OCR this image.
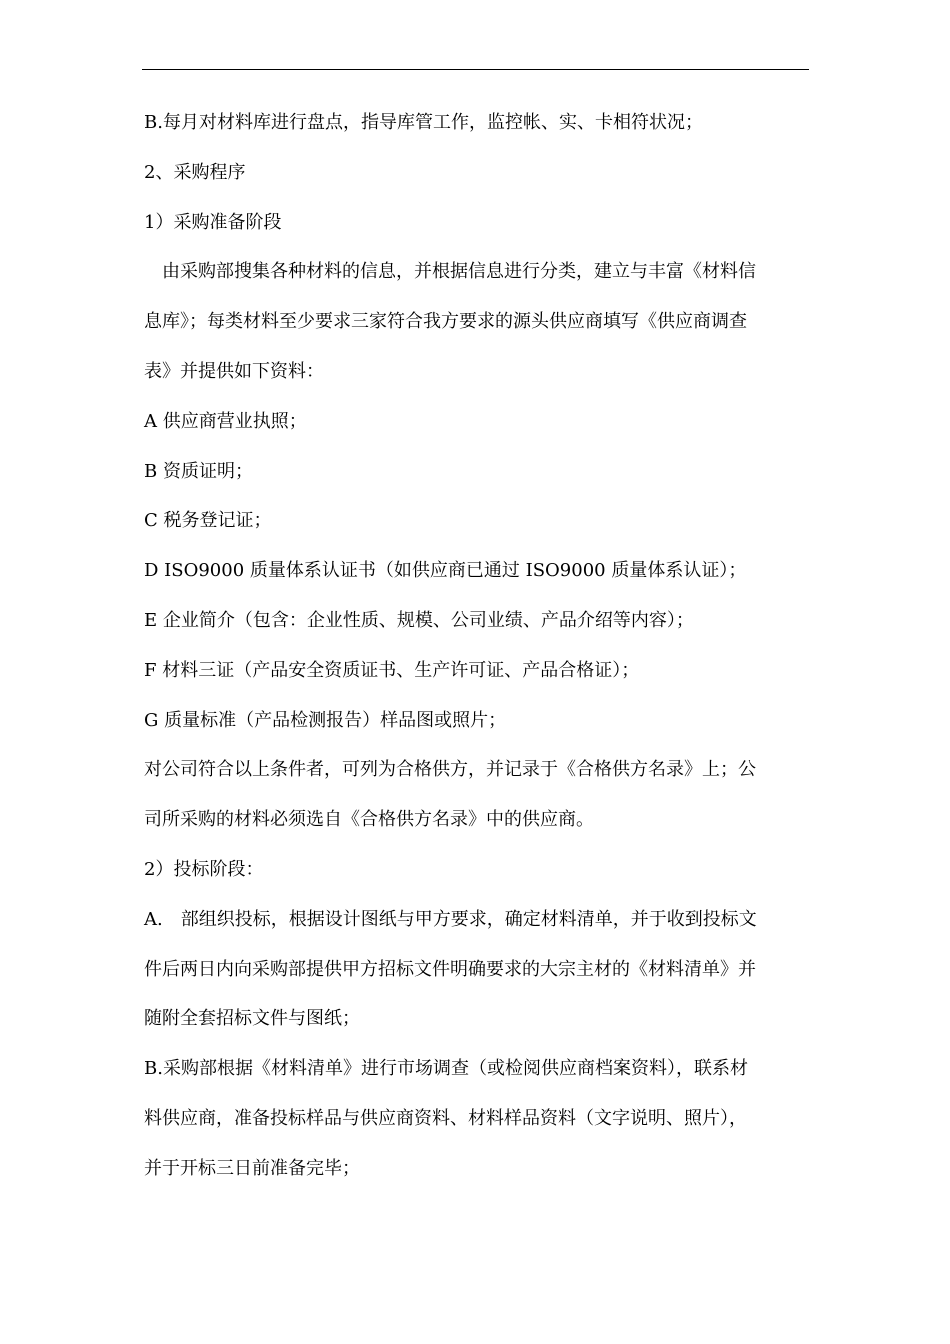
B.每月对材料库进行盘点，指导库管工作，监控帐、实、卡相符状况；
2、采购程序
1）采购准备阶段
由采购部搜集各种材料的信息，并根据信息进行分类，建立与丰富《材料信
息库》；每类材料至少要求三家符合我方要求的源头供应商填写《供应商调查
表》并提供如下资料：
A 供应商营业执照；
B 资质证明；
C 税务登记证；
D ISO9000 质量体系认证书（如供应商已通过 ISO9000 质量体系认证）；
E 企业简介（包含：企业性质、规模、公司业绩、产品介绍等内容）；
F 材料三证（产品安全资质证书、生产许可证、产品合格证）；
G 质量标准（产品检测报告）样品图或照片；
对公司符合以上条件者，可列为合格供方，并记录于《合格供方名录》上；公
司所采购的材料必须选自《合格供方名录》中的供应商。
2）投标阶段：
A.　部组织投标，根据设计图纸与甲方要求，确定材料清单，并于收到投标文
件后两日内向采购部提供甲方招标文件明确要求的大宗主材的《材料清单》并
随附全套招标文件与图纸；
B.采购部根据《材料清单》进行市场调查（或检阅供应商档案资料），联系材
料供应商，准备投标样品与供应商资料、材料样品资料（文字说明、照片），
并于开标三日前准备完毕；
